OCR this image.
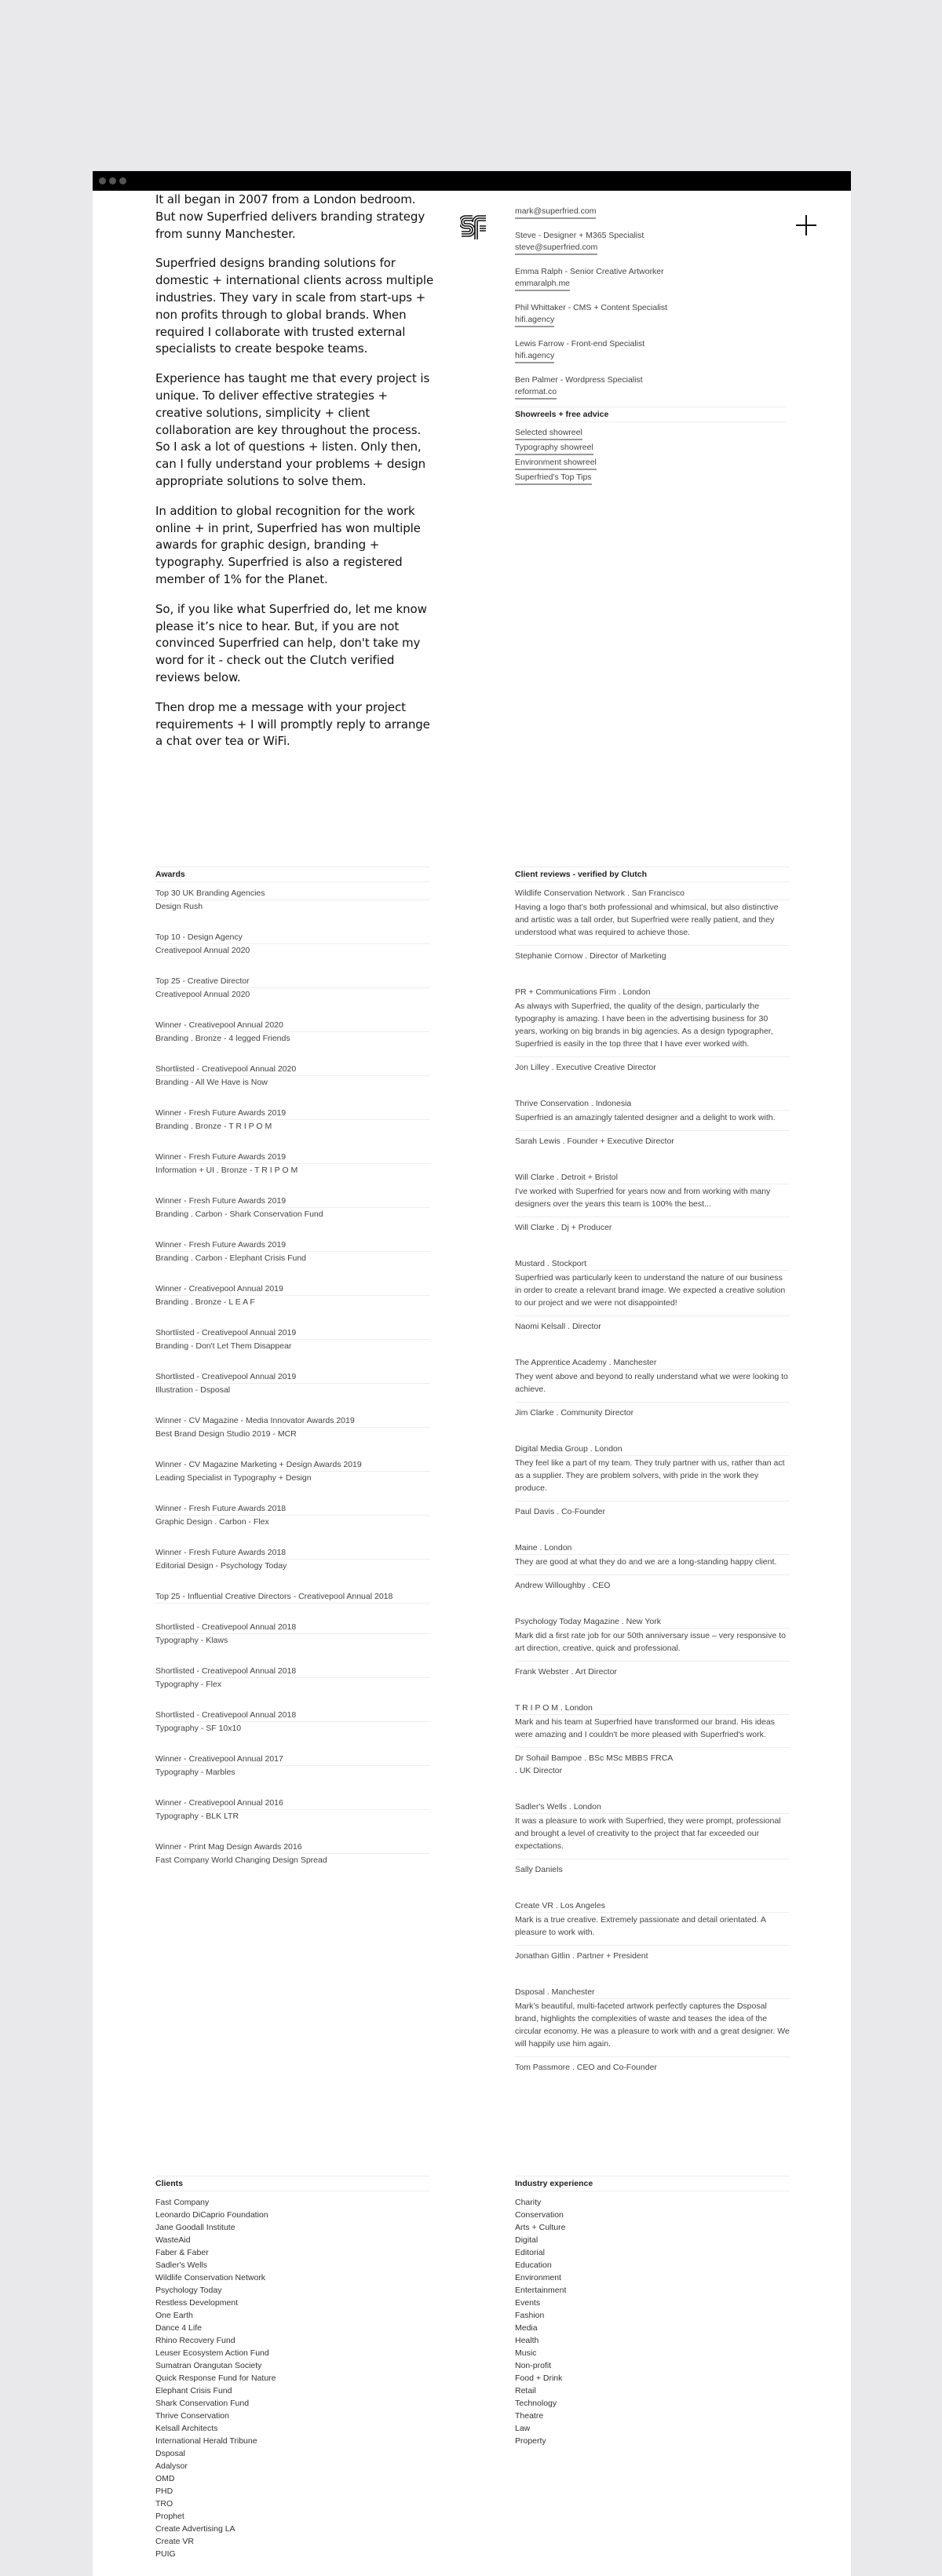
It all began in 2007 from a London bedroom. But now Superfried delivers branding strategy from sunny Manchester.

Superfried designs branding solutions for domestic + international clients across multiple industries. They vary in scale from start-ups + non profits through to global brands. When required I collaborate with trusted external specialists to create bespoke teams.

Experience has taught me that every project is unique. To deliver effective strategies + creative solutions, simplicity + client collaboration are key throughout the process. So I ask a lot of questions + listen. Only then, can I fully understand your problems + design appropriate solutions to solve them.

In addition to global recognition for the work online + in print, Superfried has won multiple awards for graphic design, branding + typography. Superfried is also a registered member of 1% for the Planet.

So, if you like what Superfried do, let me know please it’s nice to hear. But, if you are not convinced Superfried can help, don't take my word for it - check out the Clutch verified reviews below.

Then drop me a message with your project requirements + I will promptly reply to arrange a chat over tea or WiFi.

mark@superfried.com
Steve - Designer + M365 Specialist
steve@superfried.com
Emma Ralph - Senior Creative Artworker
emmaralph.me
Phil Whittaker - CMS + Content Specialist
hifi.agency
Lewis Farrow - Front-end Specialist
hifi.agency
Ben Palmer - Wordpress Specialist
reformat.co
Showreels + free advice
Selected showreel
Typography showreel
Environment showreel
Superfried's Top Tips
Awards
Top 30 UK Branding Agencies
Design Rush
Top 10 - Design Agency
Creativepool Annual 2020
Top 25 - Creative Director
Creativepool Annual 2020
Winner - Creativepool Annual 2020
Branding . Bronze - 4 legged Friends
Shortlisted - Creativepool Annual 2020
Branding - All We Have is Now
Winner - Fresh Future Awards 2019
Branding . Bronze - T R I P O M
Winner - Fresh Future Awards 2019
Information + UI . Bronze - T R I P O M
Winner - Fresh Future Awards 2019
Branding . Carbon - Shark Conservation Fund
Winner - Fresh Future Awards 2019
Branding . Carbon - Elephant Crisis Fund
Winner - Creativepool Annual 2019
Branding . Bronze - L E A F
Shortlisted - Creativepool Annual 2019
Branding - Don't Let Them Disappear
Shortlisted - Creativepool Annual 2019
Illustration - Dsposal
Winner - CV Magazine - Media Innovator Awards 2019
Best Brand Design Studio 2019 - MCR
Winner - CV Magazine Marketing + Design Awards 2019
Leading Specialist in Typography + Design
Winner - Fresh Future Awards 2018
Graphic Design . Carbon - Flex
Winner - Fresh Future Awards 2018
Editorial Design - Psychology Today
Top 25 - Influential Creative Directors - Creativepool Annual 2018
Shortlisted - Creativepool Annual 2018
Typography - Klaws
Shortlisted - Creativepool Annual 2018
Typography - Flex
Shortlisted - Creativepool Annual 2018
Typography - SF 10x10
Winner - Creativepool Annual 2017
Typography - Marbles
Winner - Creativepool Annual 2016
Typography - BLK LTR
Winner - Print Mag Design Awards 2016
Fast Company World Changing Design Spread
Client reviews - verified by Clutch
Wildlife Conservation Network . San Francisco
Having a logo that’s both professional and whimsical, but also distinctive and artistic was a tall order, but Superfried were really patient, and they understood what was required to achieve those.
Stephanie Cornow . Director of Marketing
PR + Communications Firm . London
As always with Superfried, the quality of the design, particularly the typography is amazing. I have been in the advertising business for 30 years, working on big brands in big agencies. As a design typographer, Superfried is easily in the top three that I have ever worked with.
Jon Lilley . Executive Creative Director
Thrive Conservation . Indonesia
Superfried is an amazingly talented designer and a delight to work with.
Sarah Lewis . Founder + Executive Director
Will Clarke . Detroit + Bristol
I've worked with Superfried for years now and from working with many designers over the years this team is 100% the best...
Will Clarke . Dj + Producer
Mustard . Stockport
Superfried was particularly keen to understand the nature of our business in order to create a relevant brand image. We expected a creative solution to our project and we were not disappointed!
Naomi Kelsall . Director
The Apprentice Academy . Manchester
They went above and beyond to really understand what we were looking to achieve.
Jim Clarke . Community Director
Digital Media Group . London
They feel like a part of my team. They truly partner with us, rather than act as a supplier. They are problem solvers, with pride in the work they produce.
Paul Davis . Co-Founder
Maine . London
They are good at what they do and we are a long-standing happy client.
Andrew Willoughby . CEO
Psychology Today Magazine . New York
Mark did a first rate job for our 50th anniversary issue – very responsive to art direction, creative, quick and professional.
Frank Webster . Art Director
T R I P O M . London
Mark and his team at Superfried have transformed our brand. His ideas were amazing and I couldn't be more pleased with Superfried's work.
Dr Sohail Bampoe . BSc MSc MBBS FRCA
. UK Director
Sadler's Wells . London
It was a pleasure to work with Superfried, they were prompt, professional and brought a level of creativity to the project that far exceeded our expectations.
Sally Daniels
Create VR . Los Angeles
Mark is a true creative. Extremely passionate and detail orientated. A pleasure to work with.
Jonathan Gitlin . Partner + President
Dsposal . Manchester
Mark’s beautiful, multi-faceted artwork perfectly captures the Dsposal brand, highlights the complexities of waste and teases the idea of the circular economy. He was a pleasure to work with and a great designer. We will happily use him again.
Tom Passmore . CEO and Co-Founder
Clients
Fast Company
Leonardo DiCaprio Foundation
Jane Goodall Institute
WasteAid
Faber & Faber
Sadler's Wells
Wildlife Conservation Network
Psychology Today
Restless Development
One Earth
Dance 4 Life
Rhino Recovery Fund
Leuser Ecosystem Action Fund
Sumatran Orangutan Society
Quick Response Fund for Nature
Elephant Crisis Fund
Shark Conservation Fund
Thrive Conservation
Kelsall Architects
International Herald Tribune
Dsposal
Adalysor
OMD
PHD
TRO
Prophet
Create Advertising LA
Create VR
PUIG
Industry experience
Charity
Conservation
Arts + Culture
Digital
Editorial
Education
Environment
Entertainment
Events
Fashion
Media
Health
Music
Non-profit
Food + Drink
Retail
Technology
Theatre
Law
Property
